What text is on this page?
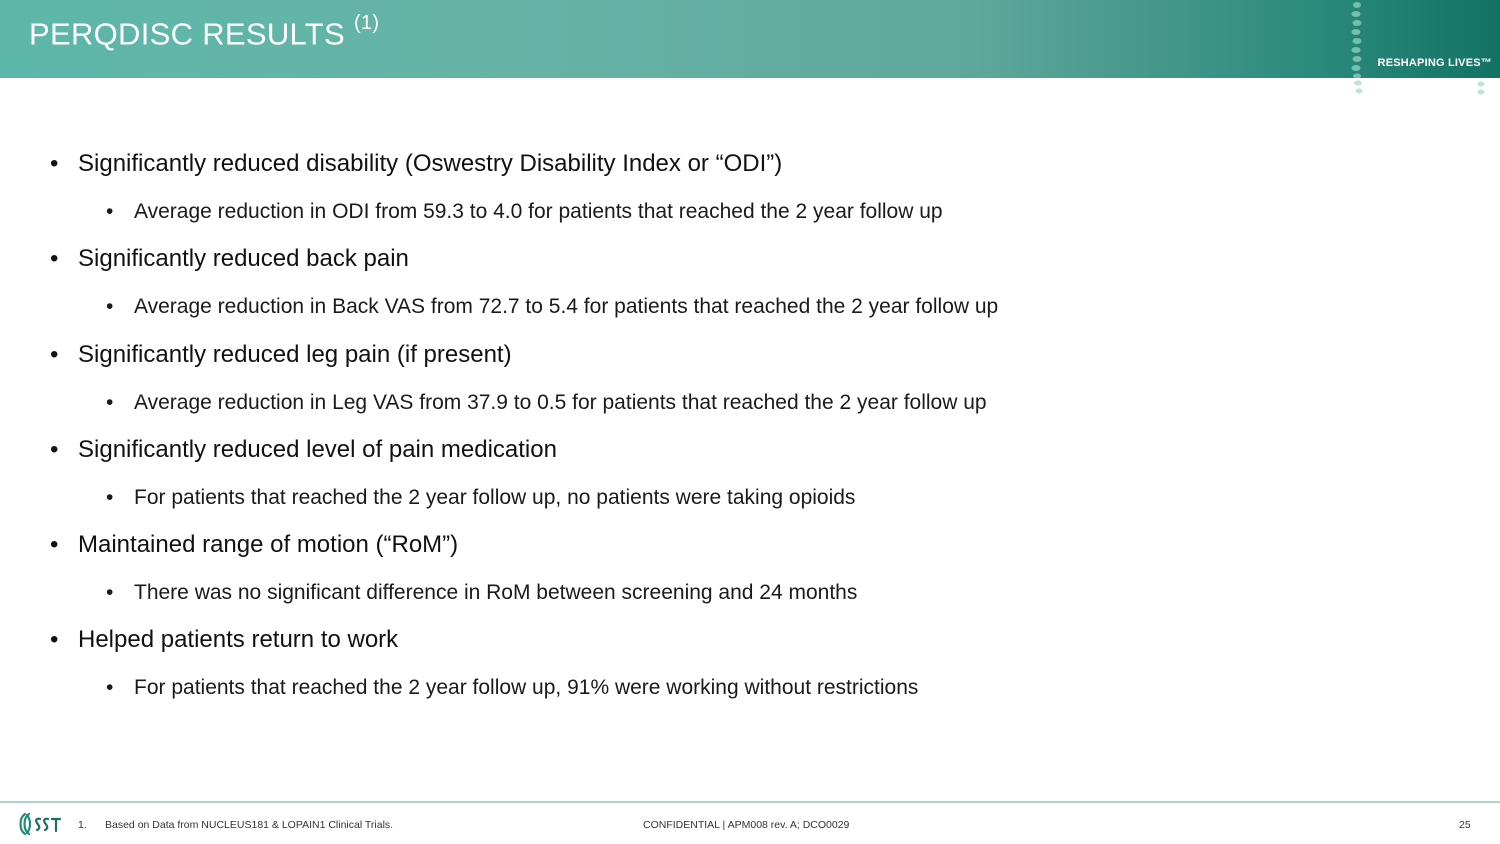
PERQDISC RESULTS $^{(1)}$
RESHAPING LIVES™
• Significantly reduced disability (Oswestry Disability Index or “ODI”)
• Average reduction in ODI from 59.3 to 4.0 for patients that reached the 2 year follow up
• Significantly reduced back pain
• Average reduction in Back VAS from 72.7 to 5.4 for patients that reached the 2 year follow up
• Significantly reduced leg pain (if present)
• Average reduction in Leg VAS from 37.9 to 0.5 for patients that reached the 2 year follow up
• Significantly reduced level of pain medication
• For patients that reached the 2 year follow up, no patients were taking opioids
• Maintained range of motion (“RoM”)
• There was no significant difference in RoM between screening and 24 months
• Helped patients return to work
• For patients that reached the 2 year follow up, 91% were working without restrictions
1. Based on Data from NUCLEUS181 & LOPAIN1 Clinical Trials.	CONFIDENTIAL | APM008 rev. A; DCO0029	25
